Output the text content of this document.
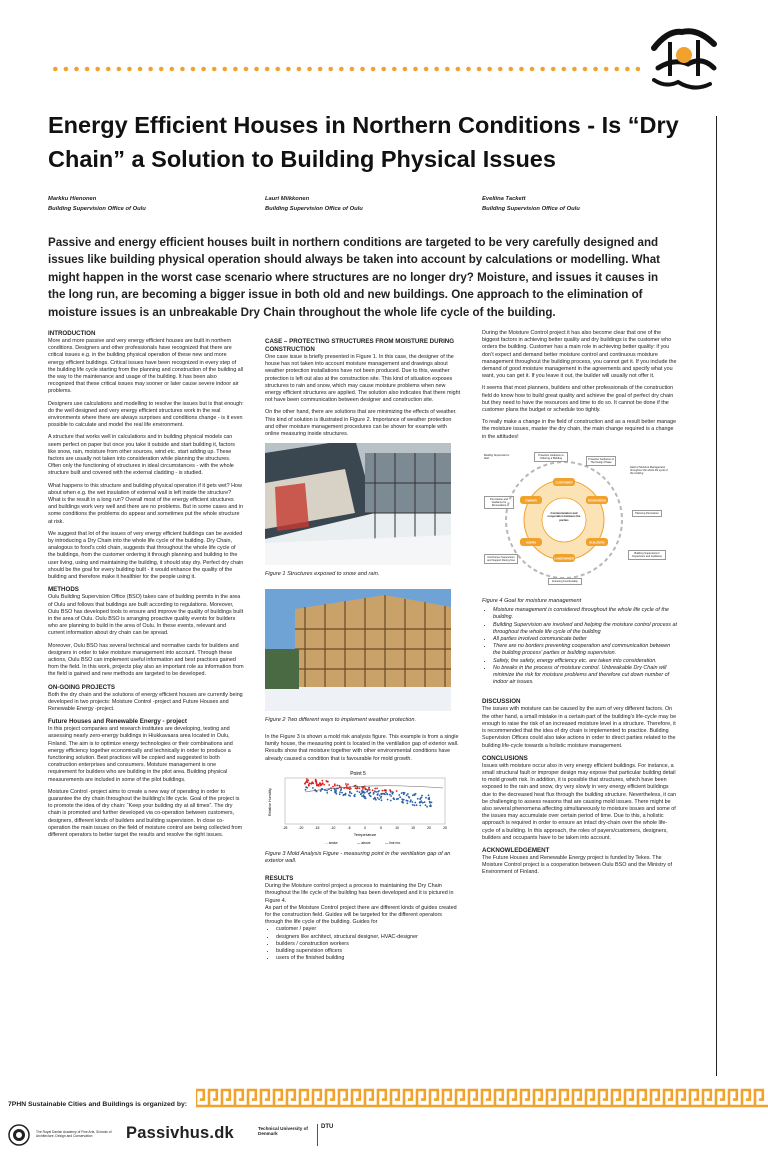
Energy Efficient Houses in Northern Conditions - Is “Dry Chain” a Solution to Building Physical Issues
Markku Hienonen
Building Supervision Office of Oulu
Lauri Miikkonen
Building Supervision Office of Oulu
Eveliina Tackett
Building Supervision Office of Oulu

Passive and energy efficient houses built in northern conditions are targeted to be very carefully designed and issues like building physical operation should always be taken into account by calculations or modelling. What might happen in the worst case scenario where structures are no longer dry? Moisture, and issues it causes in the long run, are becoming a bigger issue in both old and new buildings. One approach to the elimination of moisture issues is an unbreakable Dry Chain throughout the whole life cycle of the building.

INTRODUCTION

More and more passive and very energy efficient houses are built in northern conditions. Designers and other professionals have recognized that there are critical issues e.g. in the building physical operation of these new and more energy efficient buildings. Critical issues have been recognized in every step of the building life cycle starting from the planning and construction of the building all the way to the maintenance and usage of the building. It has been also recognized that these critical issues may sooner or later cause severe indoor air problems.

Designers use calculations and modelling to resolve the issues but is that enough: do the well designed and very energy efficient structures work in the real environments where there are always surprises and conditions change - is it even possible to calculate and model the real life environment.

A structure that works well in calculations and in building physical models can seem perfect on paper but once you take it outside and start building it, factors like snow, rain, moisture from other sources, wind etc. start adding up. These factors are usually not taken into consideration while planning the structures. Often only the functioning of structures in ideal circumstances - with the whole structure built and covered with the external cladding - is studied.

What happens to this structure and building physical operation if it gets wet? How about when e.g. the wet insulation of external wall is left inside the structure? What is the result in a long run? Overall most of the energy efficient structures and buildings work very well and there are no problems. But in some cases and in some conditions the problems do appear and sometimes put the whole structure at risk.

We suggest that lot of the issues of very energy efficient buildings can be avoided by introducing a Dry Chain into the whole life cycle of the building. Dry Chain, analogous to food’s cold chain, suggests that throughout the whole life cycle of the buildings, from the customer ordering it through planning and building to the user living, using and maintaining the building, it should stay dry. Perfect dry chain should be the goal for every building built - it would enhance the quality of the building and therefore make it healthier for the people using it.

METHODS

Oulu Building Supervision Office (BSO) takes care of building permits in the area of Oulu and follows that buildings are built according to regulations. Moreover, Oulu BSO has developed tools to ensure and improve the quality of buildings built in the area of Oulu. Oulu BSO is arranging proactive quality events for builders who are planning to build in the area of Oulu. In these events, relevant and current information about dry chain can be spread.

Moreover, Oulu BSO has several technical and normative cards for builders and designers in order to take moisture management into account. Through these actions, Oulu BSO can implement useful information and best practices gained from the field. In this work, projects play also an important role as information from the field is gained and new methods are targeted to be developed.

ON-GOING PROJECTS

Both the dry chain and the solutions of energy efficient houses are currently being developed in two projects: Moisture Control -project and Future Houses and Renewable Energy -project.

Future Houses and Renewable Energy - project

In this project companies and research institutes are developing, testing and assessing nearly zero-energy buildings in Hiukkavaara area located in Oulu, Finland. The aim is to optimize energy technologies or their combinations and energy efficiency together economically and technically in order to produce a functioning solution. Best practices will be copied and suggested to both construction enterprises and consumers. Moisture management is one requirement for builders who are building in the pilot area. Building physical measurements are included in some of the pilot buildings.

Moisture Control -project aims to create a new way of operating in order to guarantee the dry chain throughout the building’s life cycle. Goal of the project is to promote the idea of dry chain: “Keep your building dry at all times”. The dry chain is promoted and further developed via co-operation between customers, designers, different kinds of builders and building supervision. In close co-operation the main issues on the field of moisture control are being collected from different operators to better target the results and resolve the right issues.

CASE – PROTECTING STRUCTURES FROM MOISTURE DURING CONSTRUCTION

One case issue is briefly presented in Figure 1. In this case, the designer of the house has not taken into account moisture management and drawings about weather protection installations have not been produced. Due to this, weather protection is left out also at the construction site. This kind of situation exposes structures to rain and snow, which may cause moisture problems when new energy efficient structures are applied. The solution also indicates that there might not have been communication between designer and construction site.

On the other hand, there are solutions that are minimizing the effects of weather. This kind of solution is illustrated in Figure 2. Importance of weather protection and other moisture management procedures can be shown for example with online measuring inside structures.

Figure 1 Structures exposed to snow and rain.
Figure 2 Two different ways to implement weather protection.

In the Figure 3 is shown a mold risk analysis figure. This example is from a single family house, the measuring point is located in the ventilation gap of exterior wall. Results show that moisture together with other environmental conditions have already caused a condition that is favourable for mold growth.

Point 5
-25	-20	-15	-10	-5	0	5	10	15	20	25
Temperature
Relative Humidity
... smdw	— above	— line mo
Figure 3 Mold Analysis Figure - measuring point in the ventilation gap of an exterior wall.
RESULTS

During the Moisture control project a process to maintaining the Dry Chain throughout the life cycle of the building has been developed and it is pictured in Figure 4.

As part of the Moisture Control project there are different kinds of guides created for the construction field. Guides will be targeted for the different operators through the life cycle of the building. Guides for

• customer / payer
• designers like architect, structural designer, HVAC-designer
• builders / construction workers
• building supervision officers
• users of the finished building

During the Moisture Control project it has also become clear that one of the biggest factors in achieving better quality and dry buildings is the customer who orders the building. Customer has a main role in achieving better quality: if you don’t expect and demand better moisture control and continuous moisture management throughout the building process, you cannot get it. If you include the demand of good moisture management in the agreements and specify what you want, you can get it. If you leave it out, the builder will usually not offer it.

It seems that most planners, builders and other professionals of the construction field do know how to build great quality and achieve the goal of perfect dry chain but they need to have the resources and time to do so. It cannot be done if the customer plans the budget or schedule too tightly.

To really make a change in the field of construction and as a result better manage the moisture issues, master the dry chain, the main change required is a change in the attitudes!

CUSTOMER
DESIGNERS
BUILDERS
LANDOWNER
USERS
OWNER
Communication and cooperation between the parties
Building Supervision's field
Proactive Guidance to Ordering a Building	Proactive Guidance of The Design Phase
Field of Moisture Management throughout the whole life cycle of the building
Planning Permission
Building Supervision's Inspections and Guidance
Ensuring Functionality
Continuous Supervision and Support During Use
Permission and Guidance for Renovations
Figure 4 Goal for moisture management
• Moisture management is considered throughout the whole life cycle of the building.
• Building Supervision are involved and helping the moisture control process at throughout the whole life cycle of the building
• All parties involved communicate better
• There are no borders preventing cooperation and communication between the building process’ parties or building supervision.
• Safety, fire safety, energy efficiency etc. are taken into consideration.
• No breaks in the process of moisture control. Unbreakable Dry Chain will minimize the risk for moisture problems and therefore cut down number of indoor air issues.
DISCUSSION

The issues with moisture can be caused by the sum of very different factors. On the other hand, a small mistake in a certain part of the building’s life-cycle may be enough to raise the risk of an increased moisture level in a structure. Therefore, it is recommended that the idea of dry chain is implemented to practice. Building Supervision Offices could also take actions in order to direct parties related to the building life-cycle towards a holistic moisture management.

CONCLUSIONS

Issues with moisture occur also in very energy efficient buildings. For instance, a small structural fault or improper design may expose that particular building detail to mold growth risk. In addition, it is possible that structures, which have been exposed to the rain and snow, dry very slowly in very energy efficient buildings due to the decreased heat flux through the building structure. Nevertheless, it can be challenging to assess reasons that are causing mold issues. There might be also several phenomena affecting simultaneously to moisture issues and some of the issues may accumulate over certain period of time. Due to this, a holistic approach is required in order to ensure an intact dry-chain over the whole life-cycle of a building. In this approach, the roles of payers/customers, designers, builders and occupants have to be taken into account.

ACKNOWLEDGEMENT

The Future Houses and Renewable Energy project is funded by Tekes. The Moisture Control project is a cooperation between Oulu BSO and the Ministry of Environment of Finland.

7PHN Sustainable Cities and Buildings is organized by:
The Royal Danish Academy of Fine Arts, Schools of Architecture, Design and Conservation	Passivhus.dk	Technical University of Denmark
DTU
